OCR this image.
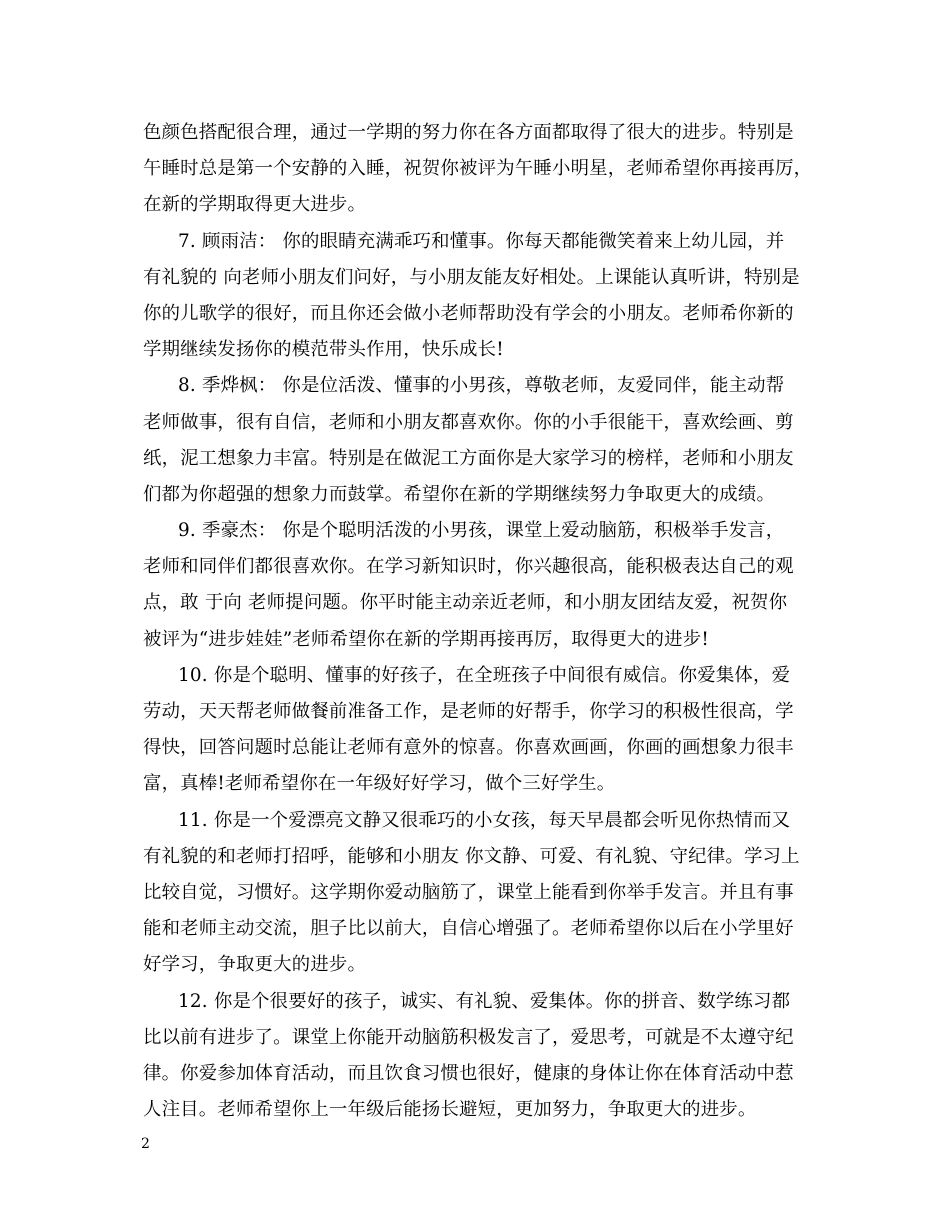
色颜色搭配很合理，通过一学期的努力你在各方面都取得了很大的进步。特别是
午睡时总是第一个安静的入睡，祝贺你被评为午睡小明星，老师希望你再接再厉，
在新的学期取得更大进步。
7. 顾雨洁： 你的眼睛充满乖巧和懂事。你每天都能微笑着来上幼儿园，并
有礼貌的 向老师小朋友们问好，与小朋友能友好相处。上课能认真听讲，特别是
你的儿歌学的很好，而且你还会做小老师帮助没有学会的小朋友。老师希你新的
学期继续发扬你的模范带头作用，快乐成长!
8. 季烨枫： 你是位活泼、懂事的小男孩，尊敬老师，友爱同伴，能主动帮
老师做事，很有自信，老师和小朋友都喜欢你。你的小手很能干，喜欢绘画、剪
纸，泥工想象力丰富。特别是在做泥工方面你是大家学习的榜样，老师和小朋友
们都为你超强的想象力而鼓掌。希望你在新的学期继续努力争取更大的成绩。
9. 季豪杰： 你是个聪明活泼的小男孩，课堂上爱动脑筋，积极举手发言，
老师和同伴们都很喜欢你。在学习新知识时，你兴趣很高，能积极表达自己的观
点，敢 于向 老师提问题。你平时能主动亲近老师，和小朋友团结友爱，祝贺你
被评为“进步娃娃”老师希望你在新的学期再接再厉，取得更大的进步!
10. 你是个聪明、懂事的好孩子，在全班孩子中间很有威信。你爱集体，爱
劳动，天天帮老师做餐前准备工作，是老师的好帮手，你学习的积极性很高，学
得快，回答问题时总能让老师有意外的惊喜。你喜欢画画，你画的画想象力很丰
富，真棒!老师希望你在一年级好好学习，做个三好学生。
11. 你是一个爱漂亮文静又很乖巧的小女孩，每天早晨都会听见你热情而又
有礼貌的和老师打招呼，能够和小朋友 你文静、可爱、有礼貌、守纪律。学习上
比较自觉，习惯好。这学期你爱动脑筋了，课堂上能看到你举手发言。并且有事
能和老师主动交流，胆子比以前大，自信心增强了。老师希望你以后在小学里好
好学习，争取更大的进步。
12. 你是个很要好的孩子，诚实、有礼貌、爱集体。你的拼音、数学练习都
比以前有进步了。课堂上你能开动脑筋积极发言了，爱思考，可就是不太遵守纪
律。你爱参加体育活动，而且饮食习惯也很好，健康的身体让你在体育活动中惹
人注目。老师希望你上一年级后能扬长避短，更加努力，争取更大的进步。
2
